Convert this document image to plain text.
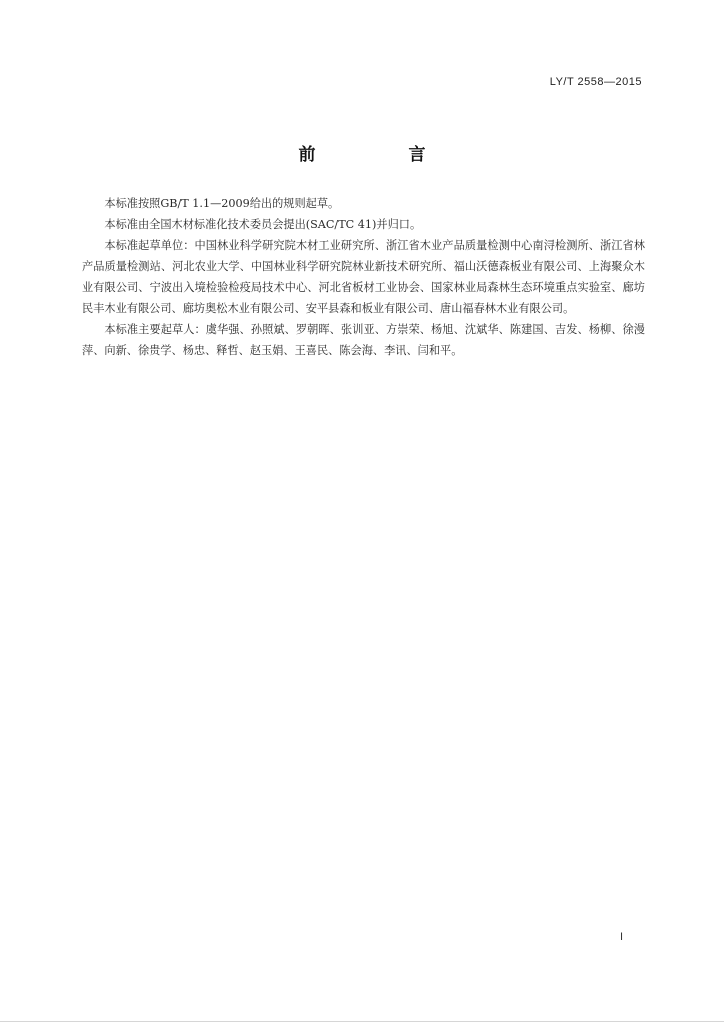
LY/T 2558—2015
前　言

本标准按照GB/T 1.1—2009给出的规则起草。

本标准由全国木材标准化技术委员会提出(SAC/TC 41)并归口。

本标准起草单位：中国林业科学研究院木材工业研究所、浙江省木业产品质量检测中心南浔检测所、浙江省林产品质量检测站、河北农业大学、中国林业科学研究院林业新技术研究所、福山沃德森板业有限公司、上海聚众木业有限公司、宁波出入境检验检疫局技术中心、河北省板材工业协会、国家林业局森林生态环境重点实验室、廊坊民丰木业有限公司、廊坊奥松木业有限公司、安平县森和板业有限公司、唐山福春林木业有限公司。

本标准主要起草人：虞华强、孙照斌、罗朝晖、张训亚、方崇荣、杨旭、沈斌华、陈建国、吉发、杨柳、徐漫萍、向新、徐贵学、杨忠、释哲、赵玉娟、王喜民、陈会海、李讯、闫和平。

I
